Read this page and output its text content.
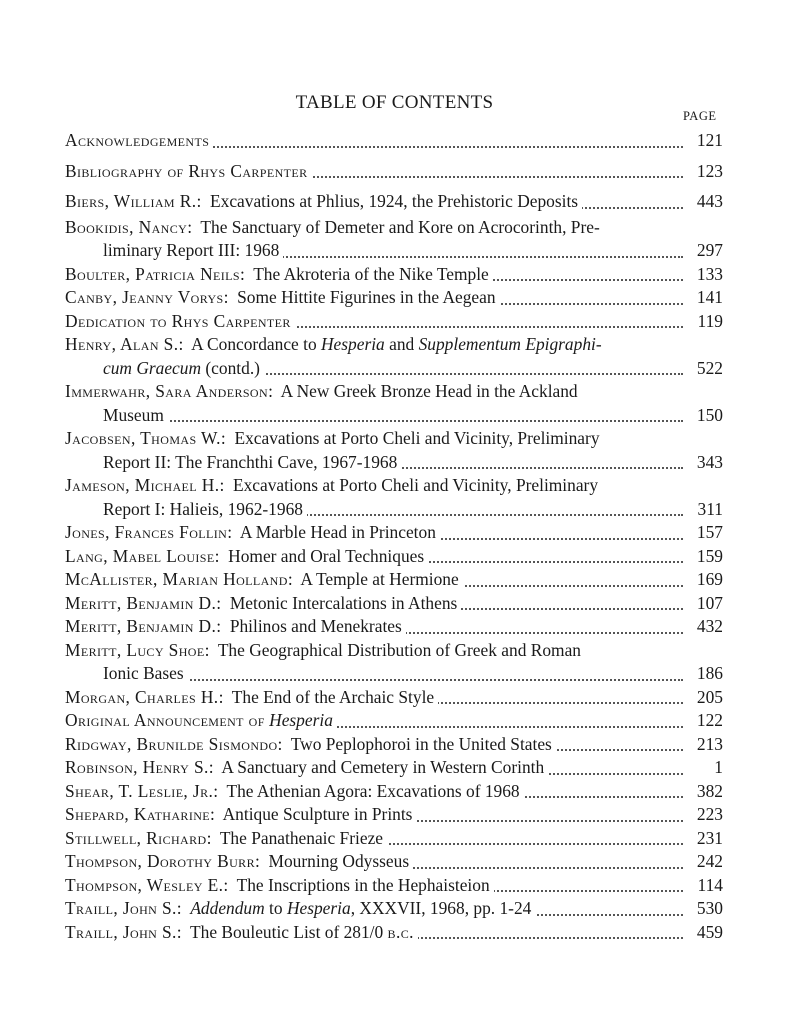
TABLE OF CONTENTS
PAGE
Acknowledgements	121
Bibliography of Rhys Carpenter	123
Biers, William R.:  Excavations at Phlius, 1924, the Prehistoric Deposits	443
Bookidis, Nancy:  The Sanctuary of Demeter and Kore on Acrocorinth, Pre-
liminary Report III: 1968	297
Boulter, Patricia Neils:  The Akroteria of the Nike Temple	133
Canby, Jeanny Vorys:  Some Hittite Figurines in the Aegean	141
Dedication to Rhys Carpenter	119
Henry, Alan S.:  A Concordance to Hesperia and Supplementum Epigraphi-
cum Graecum (contd.)	522
Immerwahr, Sara Anderson:  A New Greek Bronze Head in the Ackland
Museum	150
Jacobsen, Thomas W.:  Excavations at Porto Cheli and Vicinity, Preliminary
Report II: The Franchthi Cave, 1967-1968	343
Jameson, Michael H.:  Excavations at Porto Cheli and Vicinity, Preliminary
Report I: Halieis, 1962-1968	311
Jones, Frances Follin:  A Marble Head in Princeton	157
Lang, Mabel Louise:  Homer and Oral Techniques	159
McAllister, Marian Holland:  A Temple at Hermione	169
Meritt, Benjamin D.:  Metonic Intercalations in Athens	107
Meritt, Benjamin D.:  Philinos and Menekrates	432
Meritt, Lucy Shoe:  The Geographical Distribution of Greek and Roman
Ionic Bases	186
Morgan, Charles H.:  The End of the Archaic Style	205
Original Announcement of Hesperia	122
Ridgway, Brunilde Sismondo:  Two Peplophoroi in the United States	213
Robinson, Henry S.:  A Sanctuary and Cemetery in Western Corinth	1
Shear, T. Leslie, Jr.:  The Athenian Agora: Excavations of 1968	382
Shepard, Katharine:  Antique Sculpture in Prints	223
Stillwell, Richard:  The Panathenaic Frieze	231
Thompson, Dorothy Burr:  Mourning Odysseus	242
Thompson, Wesley E.:  The Inscriptions in the Hephaisteion	114
Traill, John S.:  Addendum to Hesperia, XXXVII, 1968, pp. 1-24	530
Traill, John S.:  The Bouleutic List of 281/0 b.c.	459
